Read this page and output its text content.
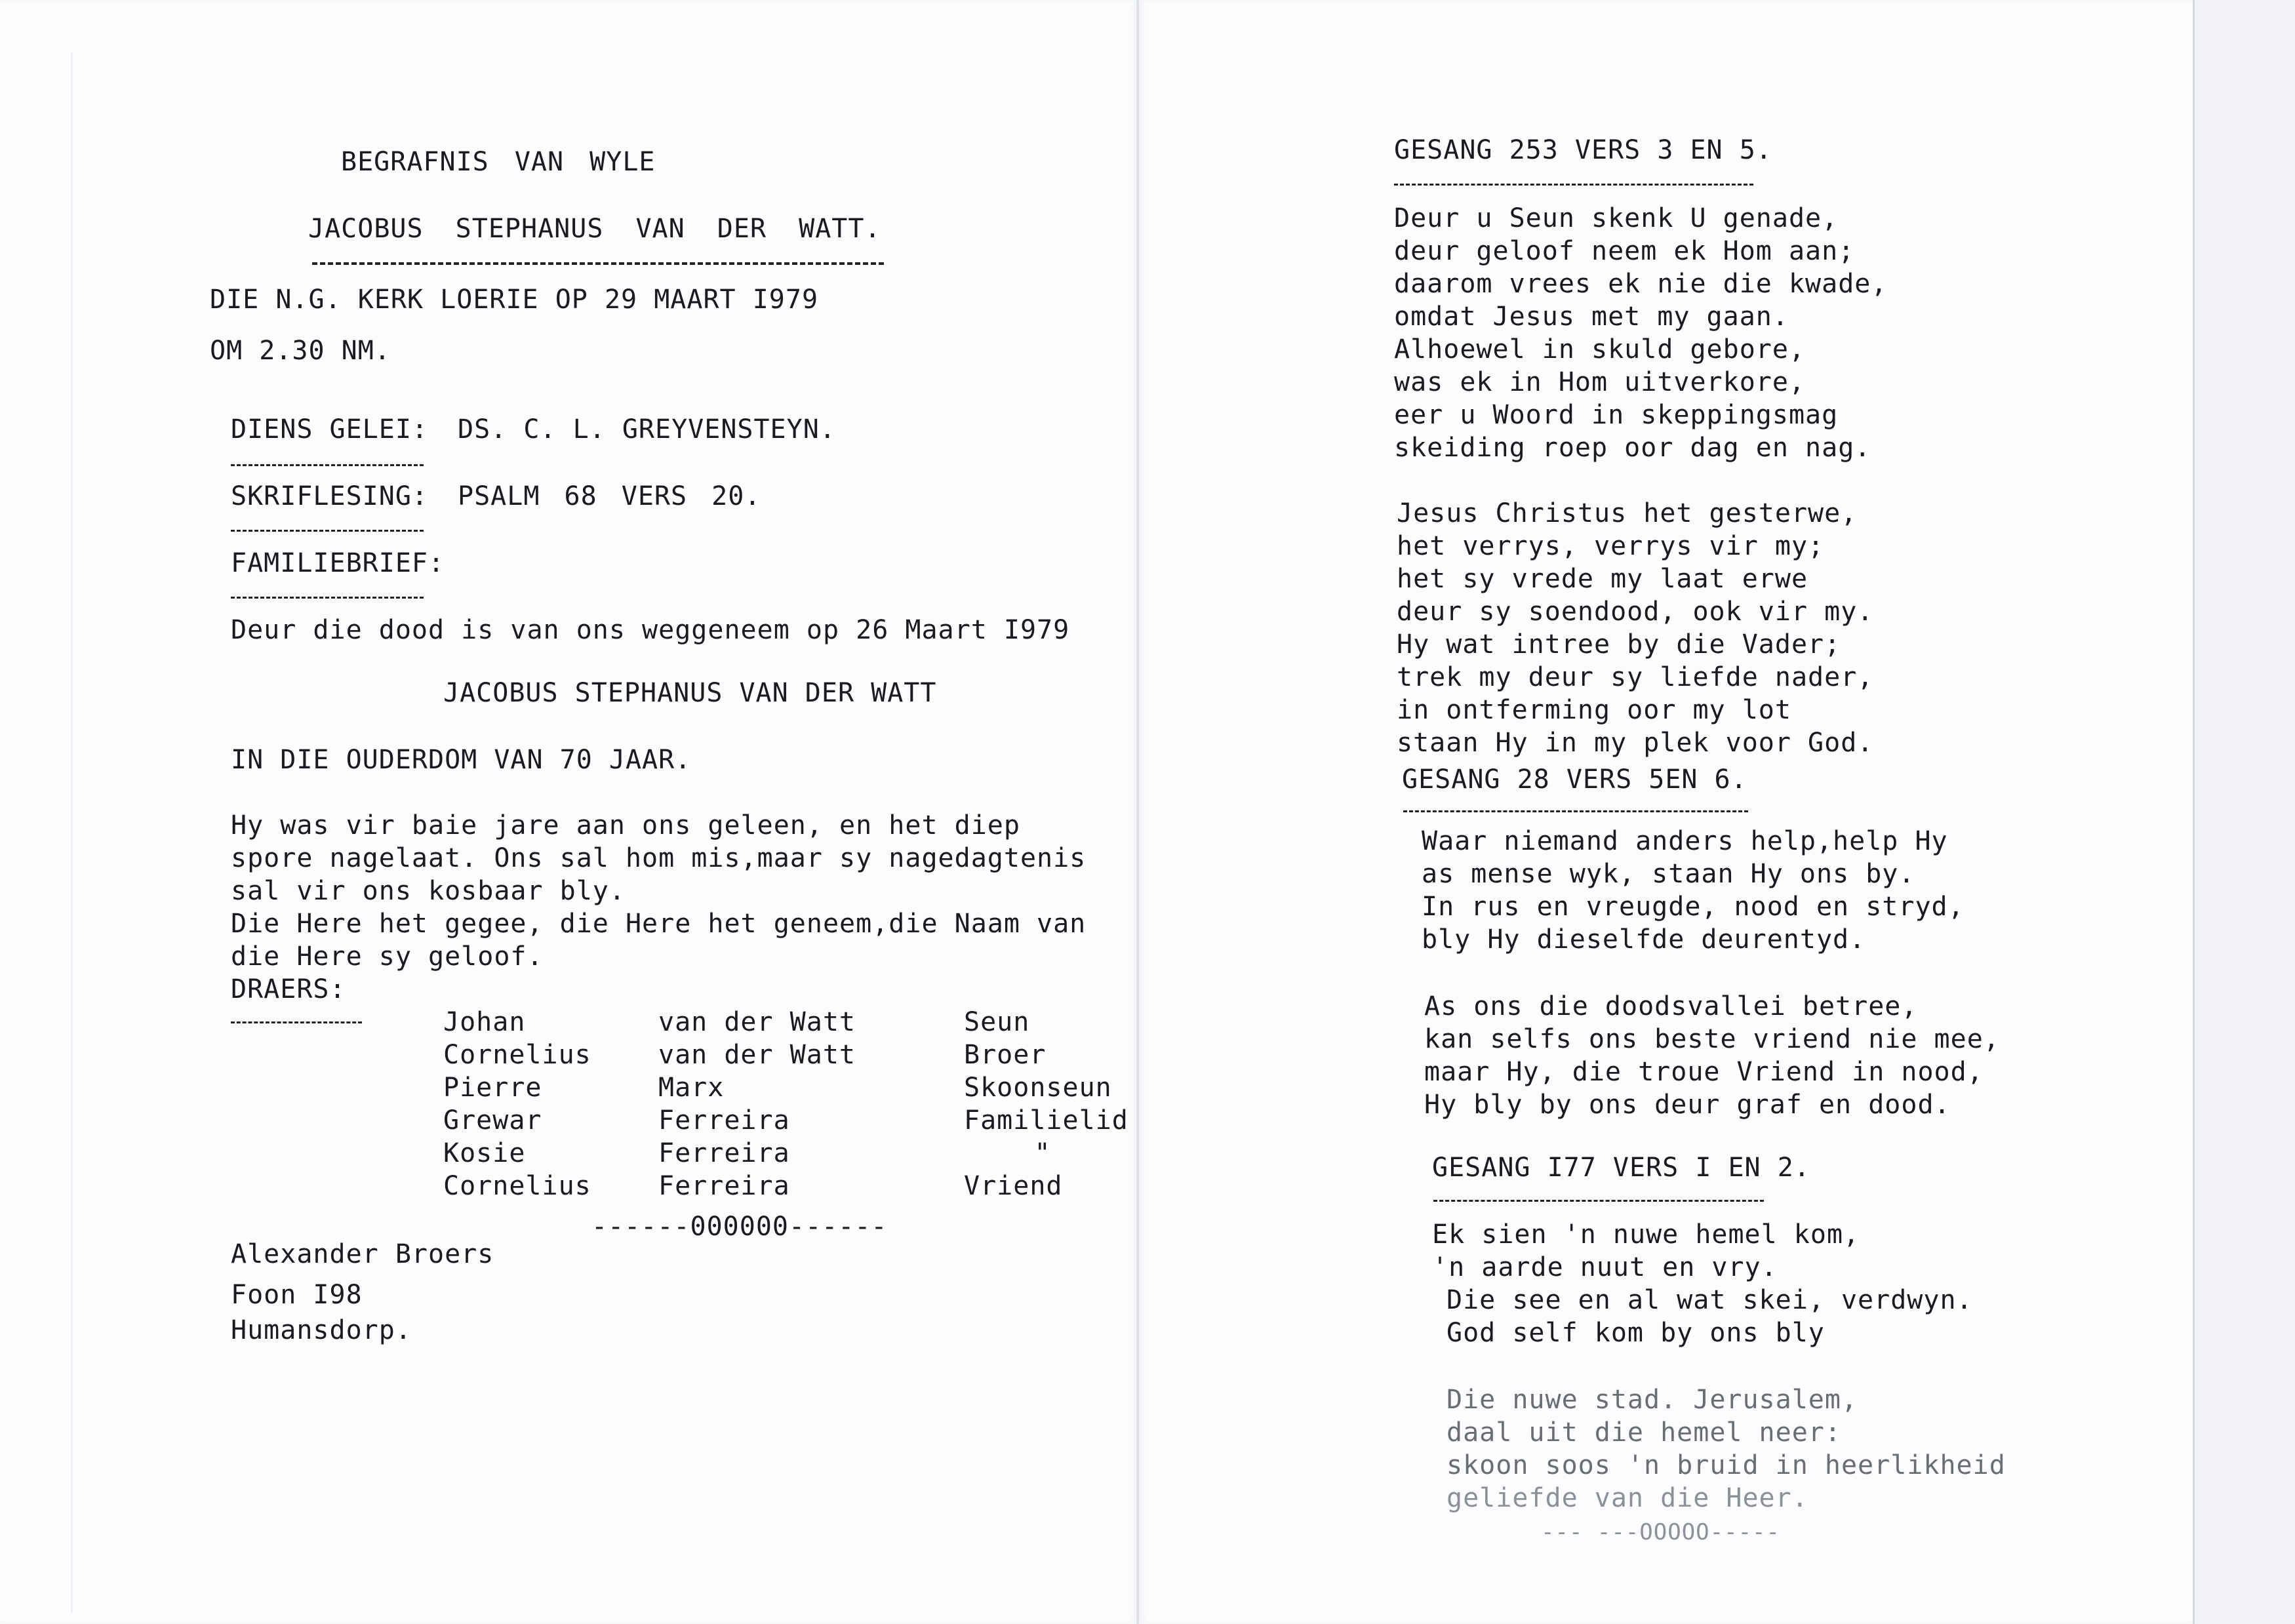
BEGRAFNIS VAN WYLE
JACOBUS STEPHANUS VAN DER WATT.
DIE N.G. KERK LOERIE OP 29 MAART I979
OM 2.30 NM.
DIENS GELEI: DS. C. L. GREYVENSTEYN.
SKRIFLESING: PSALM 68 VERS 20.
FAMILIEBRIEF:
Deur die dood is van ons weggeneem op 26 Maart I979
JACOBUS STEPHANUS VAN DER WATT
IN DIE OUDERDOM VAN 70 JAAR.
Hy was vir baie jare aan ons geleen, en het diep
spore nagelaat. Ons sal hom mis,maar sy nagedagtenis
sal vir ons kosbaar bly.
Die Here het gegee, die Here het geneem,die Naam van
die Here sy geloof.
DRAERS:
Johan	van der Watt	Seun
Cornelius	van der Watt	Broer
Pierre	Marx	Skoonseun
Grewar	Ferreira	Familielid
Kosie	Ferreira	"
Cornelius	Ferreira	Vriend
------000000------
Alexander Broers
Foon I98
Humansdorp.
GESANG 253 VERS 3 EN 5.
Deur u Seun skenk U genade,
deur geloof neem ek Hom aan;
daarom vrees ek nie die kwade,
omdat Jesus met my gaan.
Alhoewel in skuld gebore,
was ek in Hom uitverkore,
eer u Woord in skeppingsmag
skeiding roep oor dag en nag.
Jesus Christus het gesterwe,
het verrys, verrys vir my;
het sy vrede my laat erwe
deur sy soendood, ook vir my.
Hy wat intree by die Vader;
trek my deur sy liefde nader,
in ontferming oor my lot
staan Hy in my plek voor God.
GESANG 28 VERS 5EN 6.
Waar niemand anders help,help Hy
as mense wyk, staan Hy ons by.
In rus en vreugde, nood en stryd,
bly Hy dieselfde deurentyd.
As ons die doodsvallei betree,
kan selfs ons beste vriend nie mee,
maar Hy, die troue Vriend in nood,
Hy bly by ons deur graf en dood.
GESANG I77 VERS I EN 2.
Ek sien 'n nuwe hemel kom,
'n aarde nuut en vry.
Die see en al wat skei, verdwyn.
God self kom by ons bly
Die nuwe stad. Jerusalem,
daal uit die hemel neer:
skoon soos 'n bruid in heerlikheid
geliefde van die Heer.
--- ---OOOOO-----
